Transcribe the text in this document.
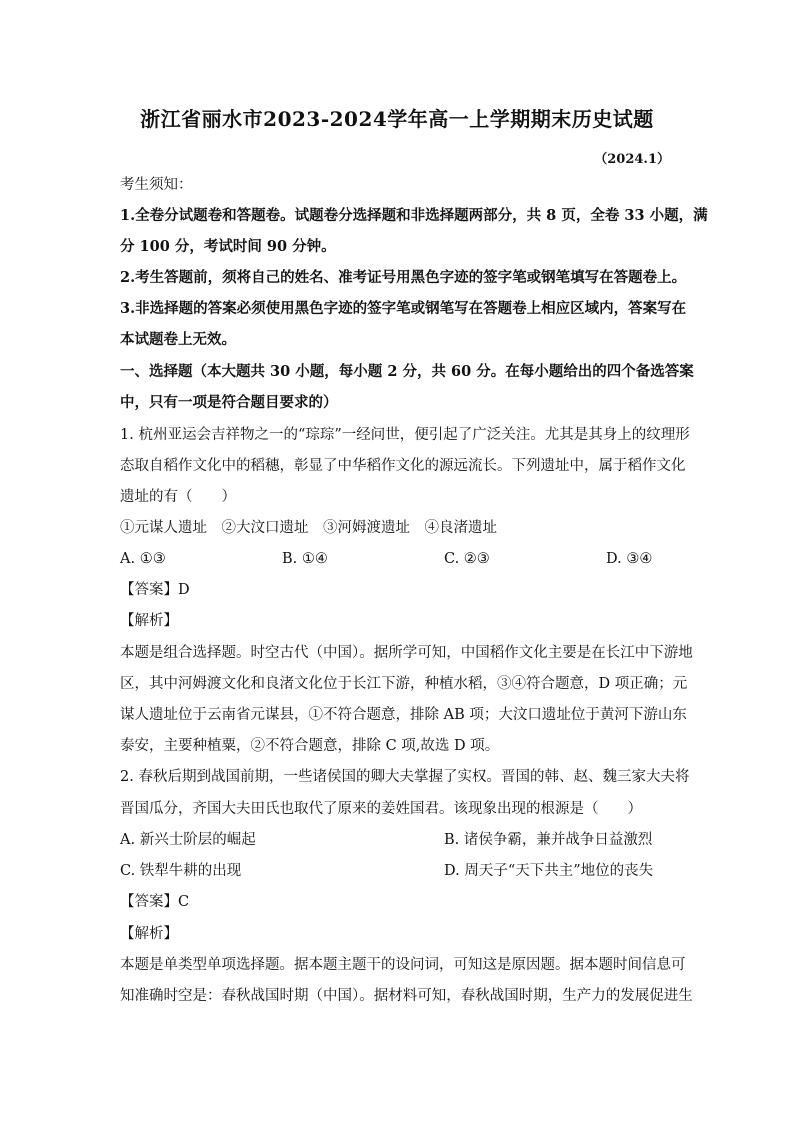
浙江省丽水市2023-2024学年高一上学期期末历史试题
（2024.1）
考生须知：
1.全卷分试题卷和答题卷。试题卷分选择题和非选择题两部分，共 8 页，全卷 33 小题，满
分 100 分，考试时间 90 分钟。
2.考生答题前，须将自己的姓名、准考证号用黑色字迹的签字笔或钢笔填写在答题卷上。
3.非选择题的答案必须使用黑色字迹的签字笔或钢笔写在答题卷上相应区域内，答案写在
本试题卷上无效。
一、选择题（本大题共 30 小题，每小题 2 分，共 60 分。在每小题给出的四个备选答案
中，只有一项是符合题目要求的）
1. 杭州亚运会吉祥物之一的“琮琮”一经问世，便引起了广泛关注。尤其是其身上的纹理形
态取自稻作文化中的稻穗，彰显了中华稻作文化的源远流长。下列遗址中，属于稻作文化
遗址的有（　　）
①元谋人遗址　②大汶口遗址　③河姆渡遗址　④良渚遗址
A. ①③	B. ①④	C. ②③	D. ③④
【答案】D
【解析】
本题是组合选择题。时空古代（中国）。据所学可知，中国稻作文化主要是在长江中下游地
区，其中河姆渡文化和良渚文化位于长江下游，种植水稻，③④符合题意，D 项正确；元
谋人遗址位于云南省元谋县，①不符合题意，排除 AB 项；大汶口遗址位于黄河下游山东
泰安，主要种植粟，②不符合题意，排除 C 项,故选 D 项。
2. 春秋后期到战国前期，一些诸侯国的卿大夫掌握了实权。晋国的韩、赵、魏三家大夫将
晋国瓜分，齐国大夫田氏也取代了原来的姜姓国君。该现象出现的根源是（　　）
A. 新兴士阶层的崛起	B. 诸侯争霸，兼并战争日益激烈
C. 铁犁牛耕的出现	D. 周天子“天下共主”地位的丧失
【答案】C
【解析】
本题是单类型单项选择题。据本题主题干的设问词，可知这是原因题。据本题时间信息可
知准确时空是：春秋战国时期（中国）。据材料可知，春秋战国时期，生产力的发展促进生
